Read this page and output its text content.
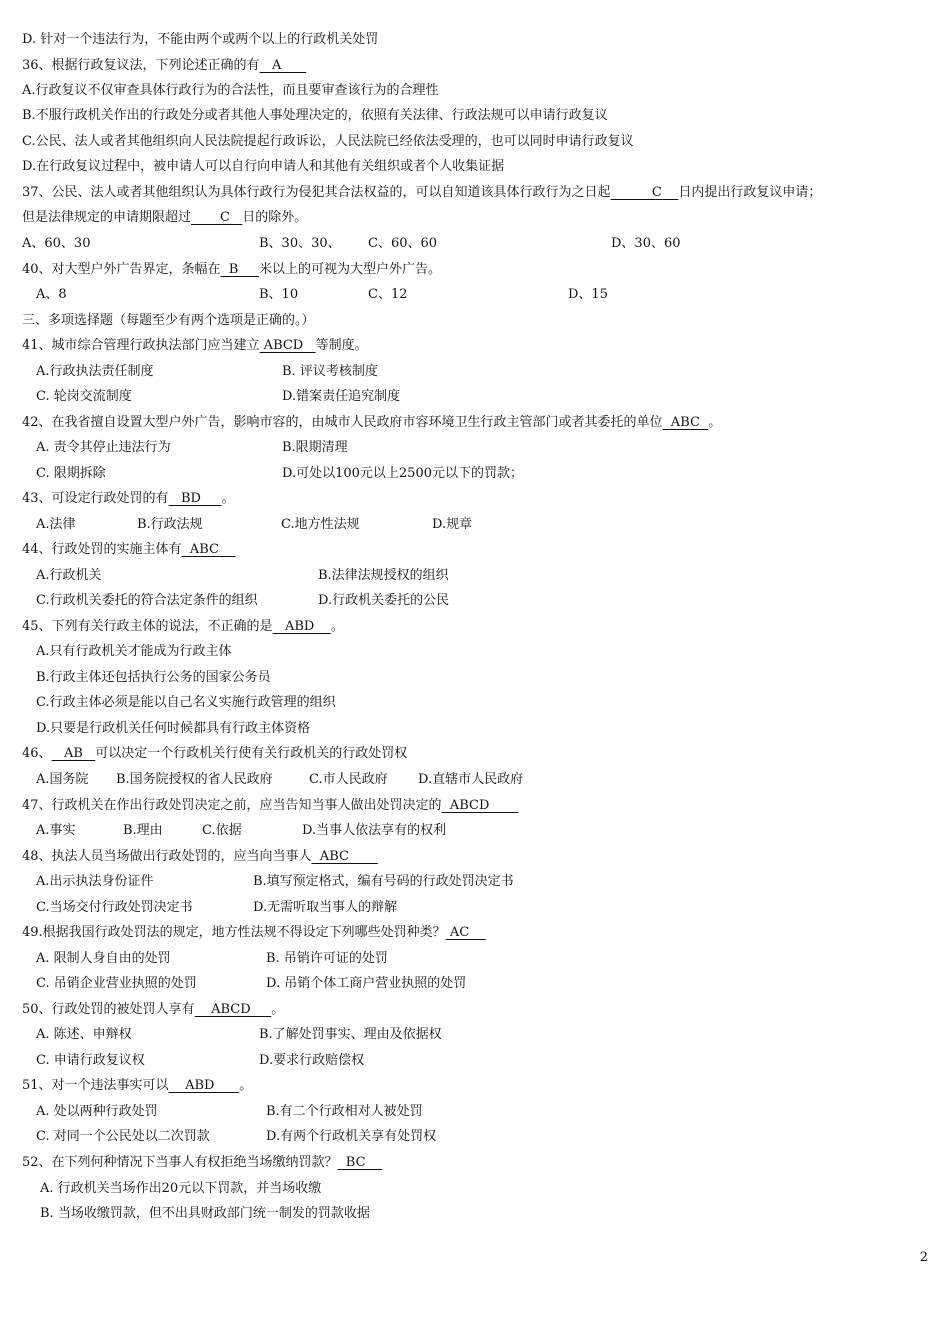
D. 针对一个违法行为，不能由两个或两个以上的行政机关处罚
36、根据行政复议法，下列论述正确的有   A
A.行政复议不仅审查具体行政行为的合法性，而且要审查该行为的合理性
B.不服行政机关作出的行政处分或者其他人事处理决定的，依照有关法律、行政法规可以申请行政复议
C.公民、法人或者其他组织向人民法院提起行政诉讼，人民法院已经依法受理的，也可以同时申请行政复议
D.在行政复议过程中，被申请人可以自行向申请人和其他有关组织或者个人收集证据
37、公民、法人或者其他组织认为具体行政行为侵犯其合法权益的，可以自知道该具体行政行为之日起          C    日内提出行政复议申请；
但是法律规定的申请期限超过       C   日的除外。
A、60、30	B、30、30、 C、60、60	D、30、60
40、对大型户外广告界定，条幅在  B     米以上的可视为大型户外广告。
A、8	B、10	C、12	D、15
三、多项选择题（每题至少有两个选项是正确的。）
41、城市综合管理行政执法部门应当建立 ABCD   等制度。
A.行政执法责任制度	B. 评议考核制度
C. 轮岗交流制度	D.错案责任追究制度
42、在我省擅自设置大型户外广告，影响市容的，由城市人民政府市容环境卫生行政主管部门或者其委托的单位  ABC  。
A. 责令其停止违法行为	B.限期清理
C. 限期拆除	D.可处以100元以上2500元以下的罚款；
43、可设定行政处罚的有   BD     。
A.法律	B.行政法规	C.地方性法规	D.规章
44、行政处罚的实施主体有  ABC
A.行政机关	B.法律法规授权的组织
C.行政机关委托的符合法定条件的组织	D.行政机关委托的公民
45、下列有关行政主体的说法，不正确的是   ABD    。
A.只有行政机关才能成为行政主体
B.行政主体还包括执行公务的国家公务员
C.行政主体必须是能以自己名义实施行政管理的组织
D.只要是行政机关任何时候都具有行政主体资格
46、   AB   可以决定一个行政机关行使有关行政机关的行政处罚权
A.国务院 B.国务院授权的省人民政府	C.市人民政府 D.直辖市人民政府
47、行政机关在作出行政处罚决定之前，应当告知当事人做出处罚决定的  ABCD
A.事实	B.理由	C.依据	D.当事人依法享有的权利
48、执法人员当场做出行政处罚的，应当向当事人  ABC
A.出示执法身份证件	B.填写预定格式，编有号码的行政处罚决定书
C.当场交付行政处罚决定书	D.无需听取当事人的辩解
49.根据我国行政处罚法的规定，地方性法规不得设定下列哪些处罚种类？ AC
A. 限制人身自由的处罚	B. 吊销许可证的处罚
C. 吊销企业营业执照的处罚	D. 吊销个体工商户营业执照的处罚
50、行政处罚的被处罚人享有    ABCD     。
A. 陈述、申辩权	B.了解处罚事实、理由及依据权
C. 申请行政复议权	D.要求行政赔偿权
51、对一个违法事实可以    ABD      。
A. 处以两种行政处罚	B.有二个行政相对人被处罚
C. 对同一个公民处以二次罚款	D.有两个行政机关享有处罚权
52、在下列何种情况下当事人有权拒绝当场缴纳罚款？  BC
A. 行政机关当场作出20元以下罚款，并当场收缴
B. 当场收缴罚款，但不出具财政部门统一制发的罚款收据
2
